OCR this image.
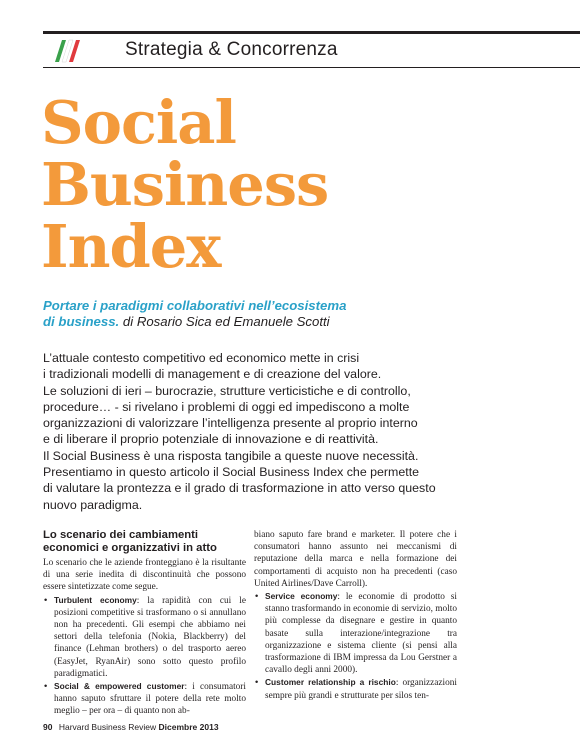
Strategia & Concorrenza
Social
Business
Index
Portare i paradigmi collaborativi nell’ecosistema
di business. di Rosario Sica ed Emanuele Scotti
L’attuale contesto competitivo ed economico mette in crisi
i tradizionali modelli di management e di creazione del valore.
Le soluzioni di ieri – burocrazie, strutture verticistiche e di controllo,
procedure… - si rivelano i problemi di oggi ed impediscono a molte
organizzazioni di valorizzare l’intelligenza presente al proprio interno
e di liberare il proprio potenziale di innovazione e di reattività.
Il Social Business è una risposta tangibile a queste nuove necessità.
Presentiamo in questo articolo il Social Business Index che permette
di valutare la prontezza e il grado di trasformazione in atto verso questo
nuovo paradigma.
Lo scenario dei cambiamenti economici e organizzativi in atto

Lo scenario che le aziende fronteggiano è la risultante di una serie inedita di discontinuità che possono essere sintetizzate come segue.

• Turbulent economy: la rapidità con cui le posizioni competitive si trasformano o si annullano non ha precedenti. Gli esempi che abbiamo nei settori della telefonia (Nokia, Blackberry) del finance (Lehman brothers) o del trasporto aereo (EasyJet, RyanAir) sono sotto questo profilo paradigmatici.
• Social & empowered customer: i consumatori hanno saputo sfruttare il potere della rete molto meglio – per ora – di quanto non ab-

biano saputo fare brand e marketer. Il potere che i consumatori hanno assunto nei meccanismi di reputazione della marca e nella formazione dei comportamenti di acquisto non ha precedenti (caso United Airlines/Dave Carroll).

• Service economy: le economie di prodotto si stanno trasformando in economie di servizio, molto più complesse da disegnare e gestire in quanto basate sulla interazione/integrazione tra organizzazione e sistema cliente (si pensi alla trasformazione di IBM impressa da Lou Gerstner a cavallo degli anni 2000).
• Customer relationship a rischio: organizzazioni sempre più grandi e strutturate per silos ten-
90 Harvard Business Review Dicembre 2013
